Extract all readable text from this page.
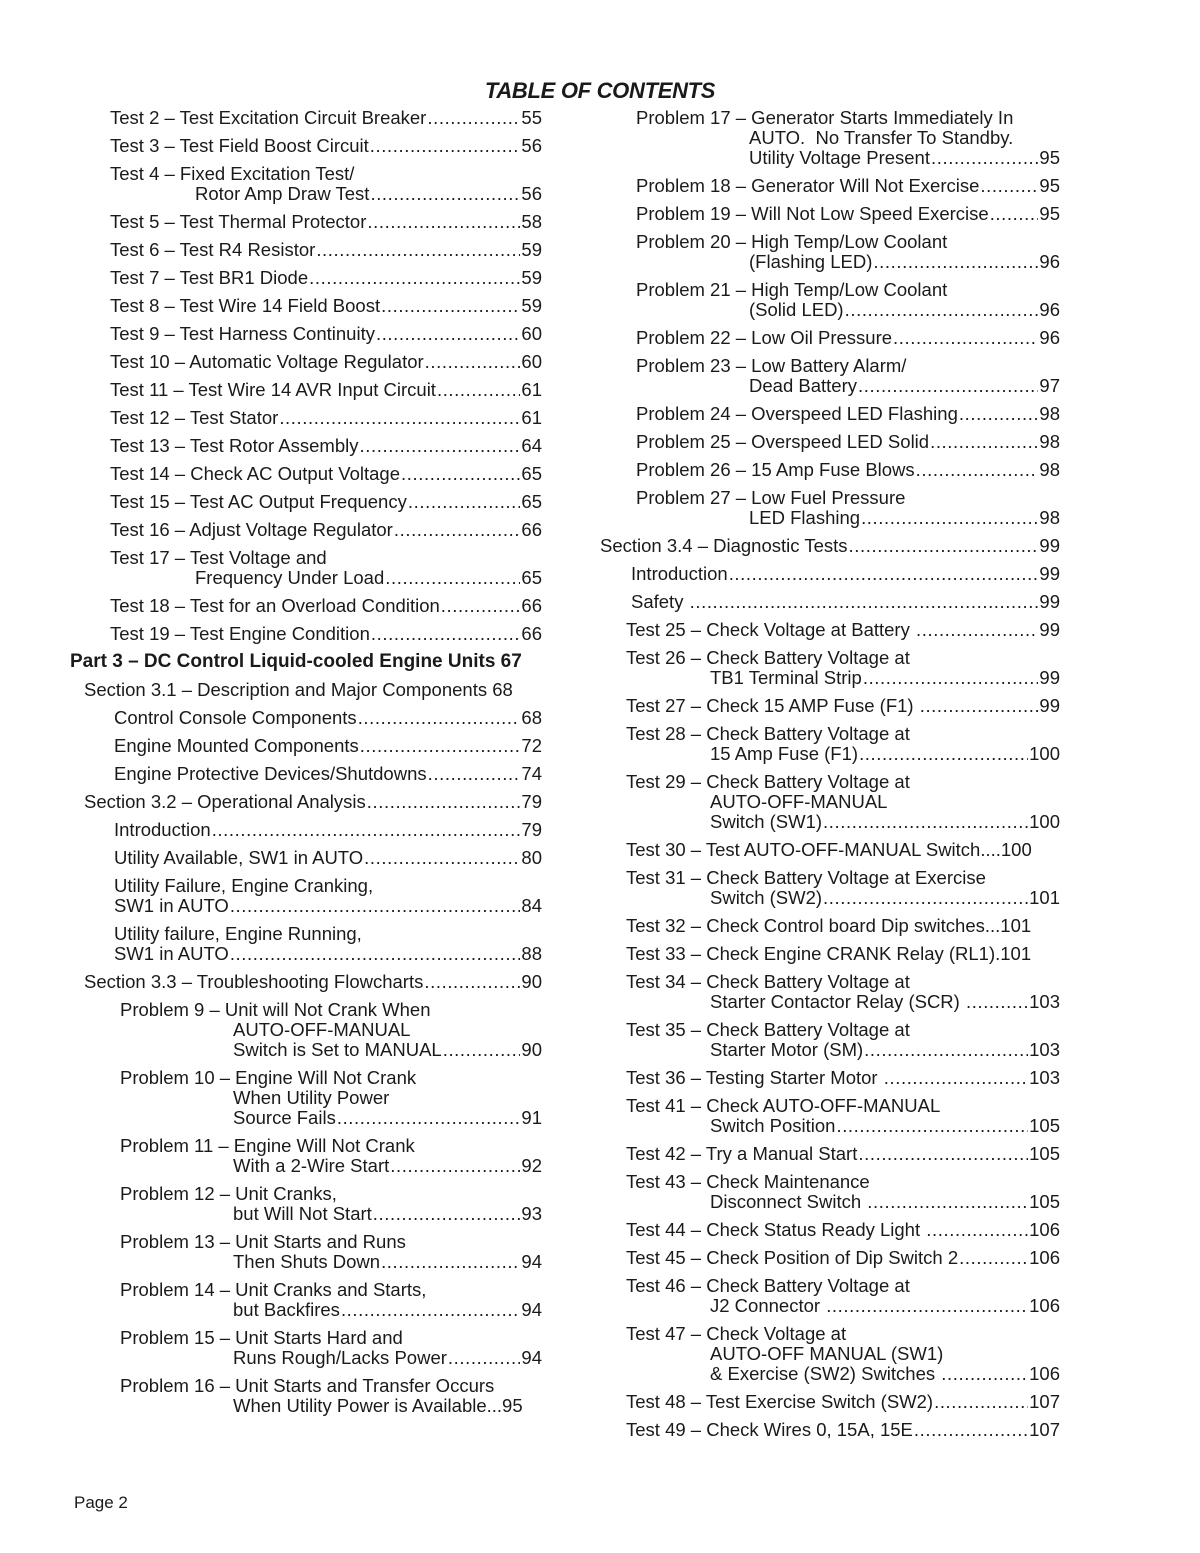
TABLE OF CONTENTS
Test 2 – Test Excitation Circuit Breaker .....	55
Test 3 – Test Field Boost Circuit .....	56
Test 4 – Fixed Excitation Test/
Rotor Amp Draw Test .....	56
Test 5 – Test Thermal Protector .....	58
Test 6 – Test R4 Resistor .....	59
Test 7 – Test BR1 Diode .....	59
Test 8 – Test Wire 14 Field Boost .....	59
Test 9 – Test Harness Continuity .....	60
Test 10 – Automatic Voltage Regulator .....	60
Test 11 – Test Wire 14 AVR Input Circuit .....	61
Test 12 – Test Stator .....	61
Test 13 – Test Rotor Assembly .....	64
Test 14 – Check AC Output Voltage .....	65
Test 15 – Test AC Output Frequency .....	65
Test 16 – Adjust Voltage Regulator .....	66
Test 17 – Test Voltage and
Frequency Under Load .....	65
Test 18 – Test for an Overload Condition .....	66
Test 19 – Test Engine Condition .....	66
Part 3 – DC Control Liquid-cooled Engine Units 67
Section 3.1 – Description and Major Components 68
Control Console Components .....	68
Engine Mounted Components .....	72
Engine Protective Devices/Shutdowns .....	74
Section 3.2 – Operational Analysis .....	79
Introduction .....	79
Utility Available, SW1 in AUTO .....	80
Utility Failure, Engine Cranking,
SW1 in AUTO .....	84
Utility failure, Engine Running,
SW1 in AUTO .....	88
Section 3.3 – Troubleshooting Flowcharts .....	90
Problem 9 – Unit will Not Crank When
AUTO-OFF-MANUAL
Switch is Set to MANUAL .....	90
Problem 10 – Engine Will Not Crank
When Utility Power
Source Fails .....	91
Problem 11 – Engine Will Not Crank
With a 2-Wire Start .....	92
Problem 12 – Unit Cranks,
but Will Not Start .....	93
Problem 13 – Unit Starts and Runs
Then Shuts Down .....	94
Problem 14 – Unit Cranks and Starts,
but Backfires .....	94
Problem 15 – Unit Starts Hard and
Runs Rough/Lacks Power .....	94
Problem 16 – Unit Starts and Transfer Occurs
When Utility Power is Available...95
Problem 17 – Generator Starts Immediately In
AUTO.  No Transfer To Standby.
Utility Voltage Present .....	95
Problem 18 – Generator Will Not Exercise .....	95
Problem 19 – Will Not Low Speed Exercise .....	95
Problem 20 – High Temp/Low Coolant
(Flashing LED) .....	96
Problem 21 – High Temp/Low Coolant
(Solid LED) .....	96
Problem 22 – Low Oil Pressure .....	96
Problem 23 – Low Battery Alarm/
Dead Battery .....	97
Problem 24 – Overspeed LED Flashing .....	98
Problem 25 – Overspeed LED Solid .....	98
Problem 26 – 15 Amp Fuse Blows .....	98
Problem 27 – Low Fuel Pressure
LED Flashing .....	98
Section 3.4 – Diagnostic Tests .....	99
Introduction .....	99
Safety .....	99
Test 25 – Check Voltage at Battery .....	99
Test 26 – Check Battery Voltage at
TB1 Terminal Strip .....	99
Test 27 – Check 15 AMP Fuse (F1) .....	99
Test 28 – Check Battery Voltage at
15 Amp Fuse (F1) .....	100
Test 29 – Check Battery Voltage at
AUTO-OFF-MANUAL
Switch (SW1) .....	100
Test 30 – Test AUTO-OFF-MANUAL Switch....100
Test 31 – Check Battery Voltage at Exercise
Switch (SW2) .....	101
Test 32 – Check Control board Dip switches...101
Test 33 – Check Engine CRANK Relay (RL1).101
Test 34 – Check Battery Voltage at
Starter Contactor Relay (SCR) .....	103
Test 35 – Check Battery Voltage at
Starter Motor (SM) .....	103
Test 36 – Testing Starter Motor .....	103
Test 41 – Check AUTO-OFF-MANUAL
Switch Position .....	105
Test 42 – Try a Manual Start .....	105
Test 43 – Check Maintenance
Disconnect Switch .....	105
Test 44 – Check Status Ready Light .....	106
Test 45 – Check Position of Dip Switch 2 .....	106
Test 46 – Check Battery Voltage at
J2 Connector .....	106
Test 47 – Check Voltage at
AUTO-OFF MANUAL (SW1)
& Exercise (SW2) Switches .....	106
Test 48 – Test Exercise Switch (SW2) .....	107
Test 49 – Check Wires 0, 15A, 15E .....	107
Page 2
